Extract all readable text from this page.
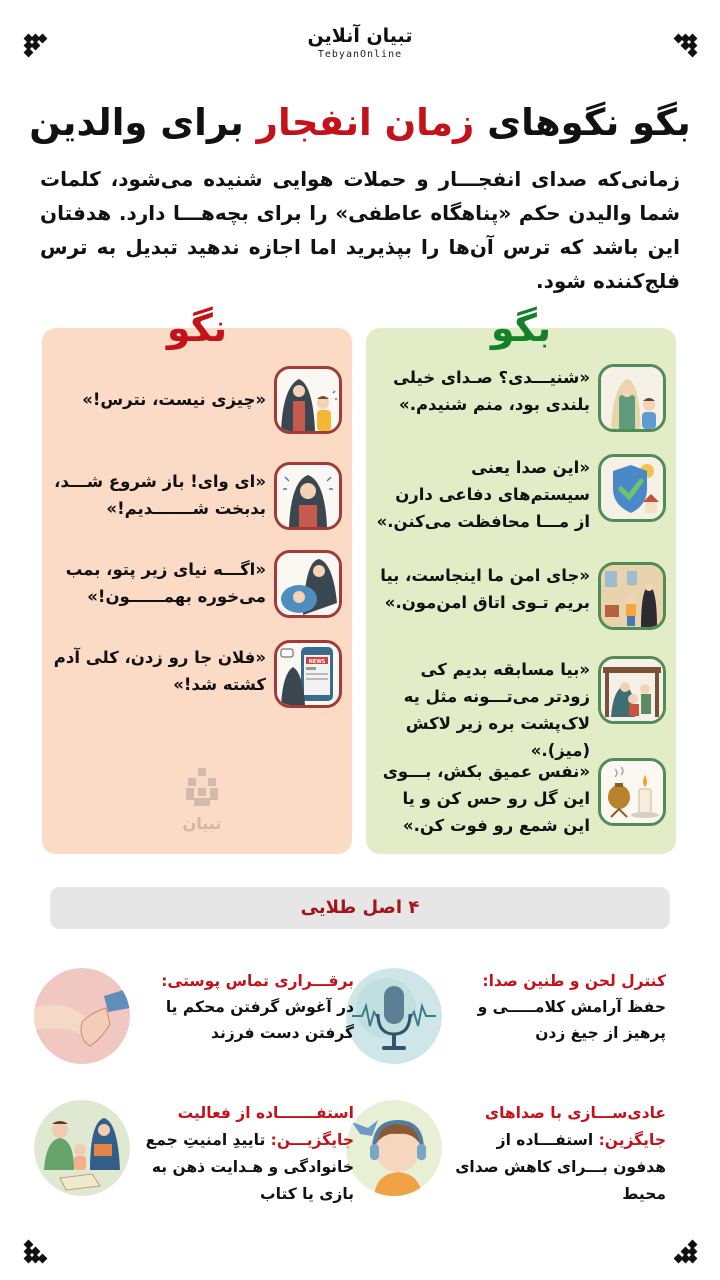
تبیان آنلاین
TebyanOnline
بگو نگوهای زمان انفجار برای والدین

زمانی‌که صدای انفجـــار و حملات هوایی شنیده می‌شود، کلمات شما والیدن حکم «پناهگاه عاطفی» را برای بچه‌هـــا دارد. هدفتان این باشد که ترس آن‌ها را بپذیرید اما اجازه ندهید تبدیل به ترس فلج‌کننده شود.

«شنیـــدی؟ صـدای خیلی بلندی بود، منم شنیدم.»
«این صدا یعنی سیستم‌های دفاعی دارن از مـــا محافظت می‌کنن.»
«جای امن ما اینجاست، بیا بریم تـوی اتاق امن‌مون.»
«بیا مسابقه بدیم کی زودتر می‌تـــونه مثل یه لاک‌پشت بره زیر لاکش (میز).»
«نفس عمیق بکش، بـــوی این گل رو حس کن و یا این شمع رو فوت کن.»
بگو
«چیزی نیست، نترس!»
«ای وای! باز شروع شـــد، بدبخت شـــــــدیم!»
«اگـــه نیای زیر پتو، بمب می‌خوره بهمــــــون!»
NEWS
«فلان جا رو زدن، کلی آدم کشته شد!»
تبیان
نگو
۴ اصل طلایی
کنترل لحن و طنین صدا:
حفظ آرامش کلامـــــی و پرهیز از جیغ زدن
برقـــراری تماس پوستی:
در آغوش گرفتن محکم یا گرفتن دست فرزند
عادی‌ســـازی با صداهای جایگزین: استفـــاده از هدفون بـــرای کاهش صدای محیط
استفـــــــاده از فعالیت جایگزیـــن: تاییدِ امنیتِ جمع خانوادگی و هـدایت ذهن به بازی یا کتاب
